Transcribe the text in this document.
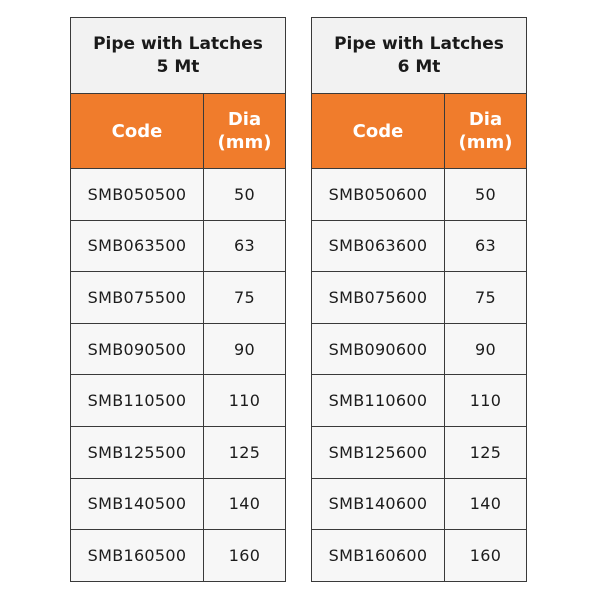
Pipe with Latches
5 Mt	

Code	Dia
(mm)

SMB050500	50
SMB063500	63
SMB075500	75
SMB090500	90
SMB110500	110
SMB125500	125
SMB140500	140
SMB160500	160
Pipe with Latches
6 Mt	

Code	Dia
(mm)

SMB050600	50
SMB063600	63
SMB075600	75
SMB090600	90
SMB110600	110
SMB125600	125
SMB140600	140
SMB160600	160
